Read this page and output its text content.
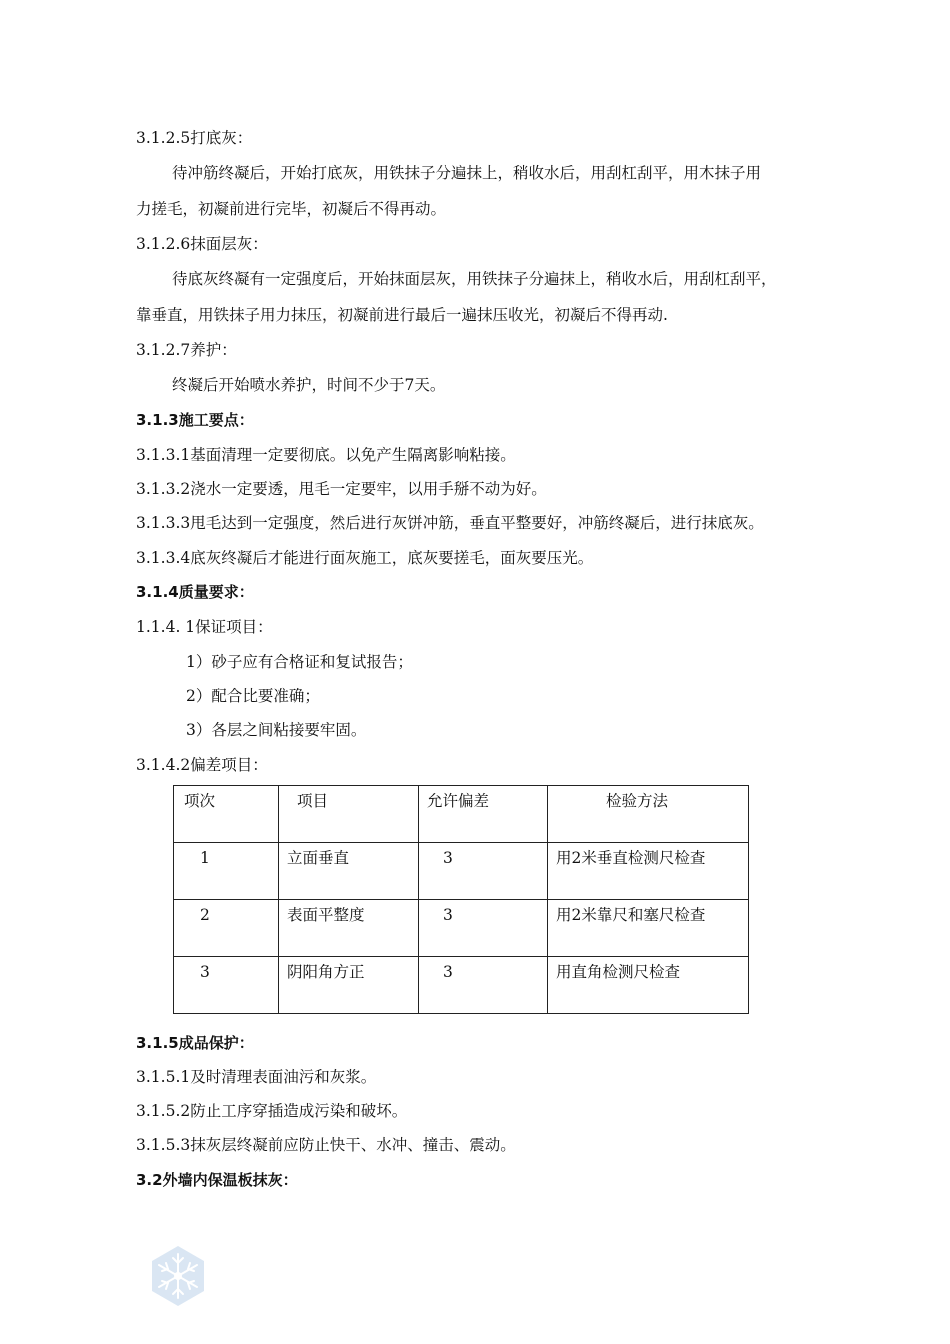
3.1.2.5打底灰：
待冲筋终凝后，开始打底灰，用铁抹子分遍抹上，稍收水后，用刮杠刮平，用木抹子用
力搓毛，初凝前进行完毕，初凝后不得再动。
3.1.2.6抹面层灰：
待底灰终凝有一定强度后，开始抹面层灰，用铁抹子分遍抹上，稍收水后，用刮杠刮平，
靠垂直，用铁抹子用力抹压，初凝前进行最后一遍抹压收光，初凝后不得再动.
3.1.2.7养护：
终凝后开始喷水养护，时间不少于7天。
3.1.3施工要点：
3.1.3.1基面清理一定要彻底。以免产生隔离影响粘接。
3.1.3.2浇水一定要透，甩毛一定要牢，以用手掰不动为好。
3.1.3.3甩毛达到一定强度，然后进行灰饼冲筋，垂直平整要好，冲筋终凝后，进行抹底灰。
3.1.3.4底灰终凝后才能进行面灰施工，底灰要搓毛，面灰要压光。
3.1.4质量要求：
1.1.4. 1保证项目：
1）砂子应有合格证和复试报告；
2）配合比要准确；
3）各层之间粘接要牢固。
3.1.4.2偏差项目：
项次	项目	允许偏差	检验方法
1	立面垂直	3	用2米垂直检测尺检查
2	表面平整度	3	用2米靠尺和塞尺检查
3	阴阳角方正	3	用直角检测尺检查
3.1.5成品保护：
3.1.5.1及时清理表面油污和灰浆。
3.1.5.2防止工序穿插造成污染和破坏。
3.1.5.3抹灰层终凝前应防止快干、水冲、撞击、震动。
3.2外墙内保温板抹灰：
